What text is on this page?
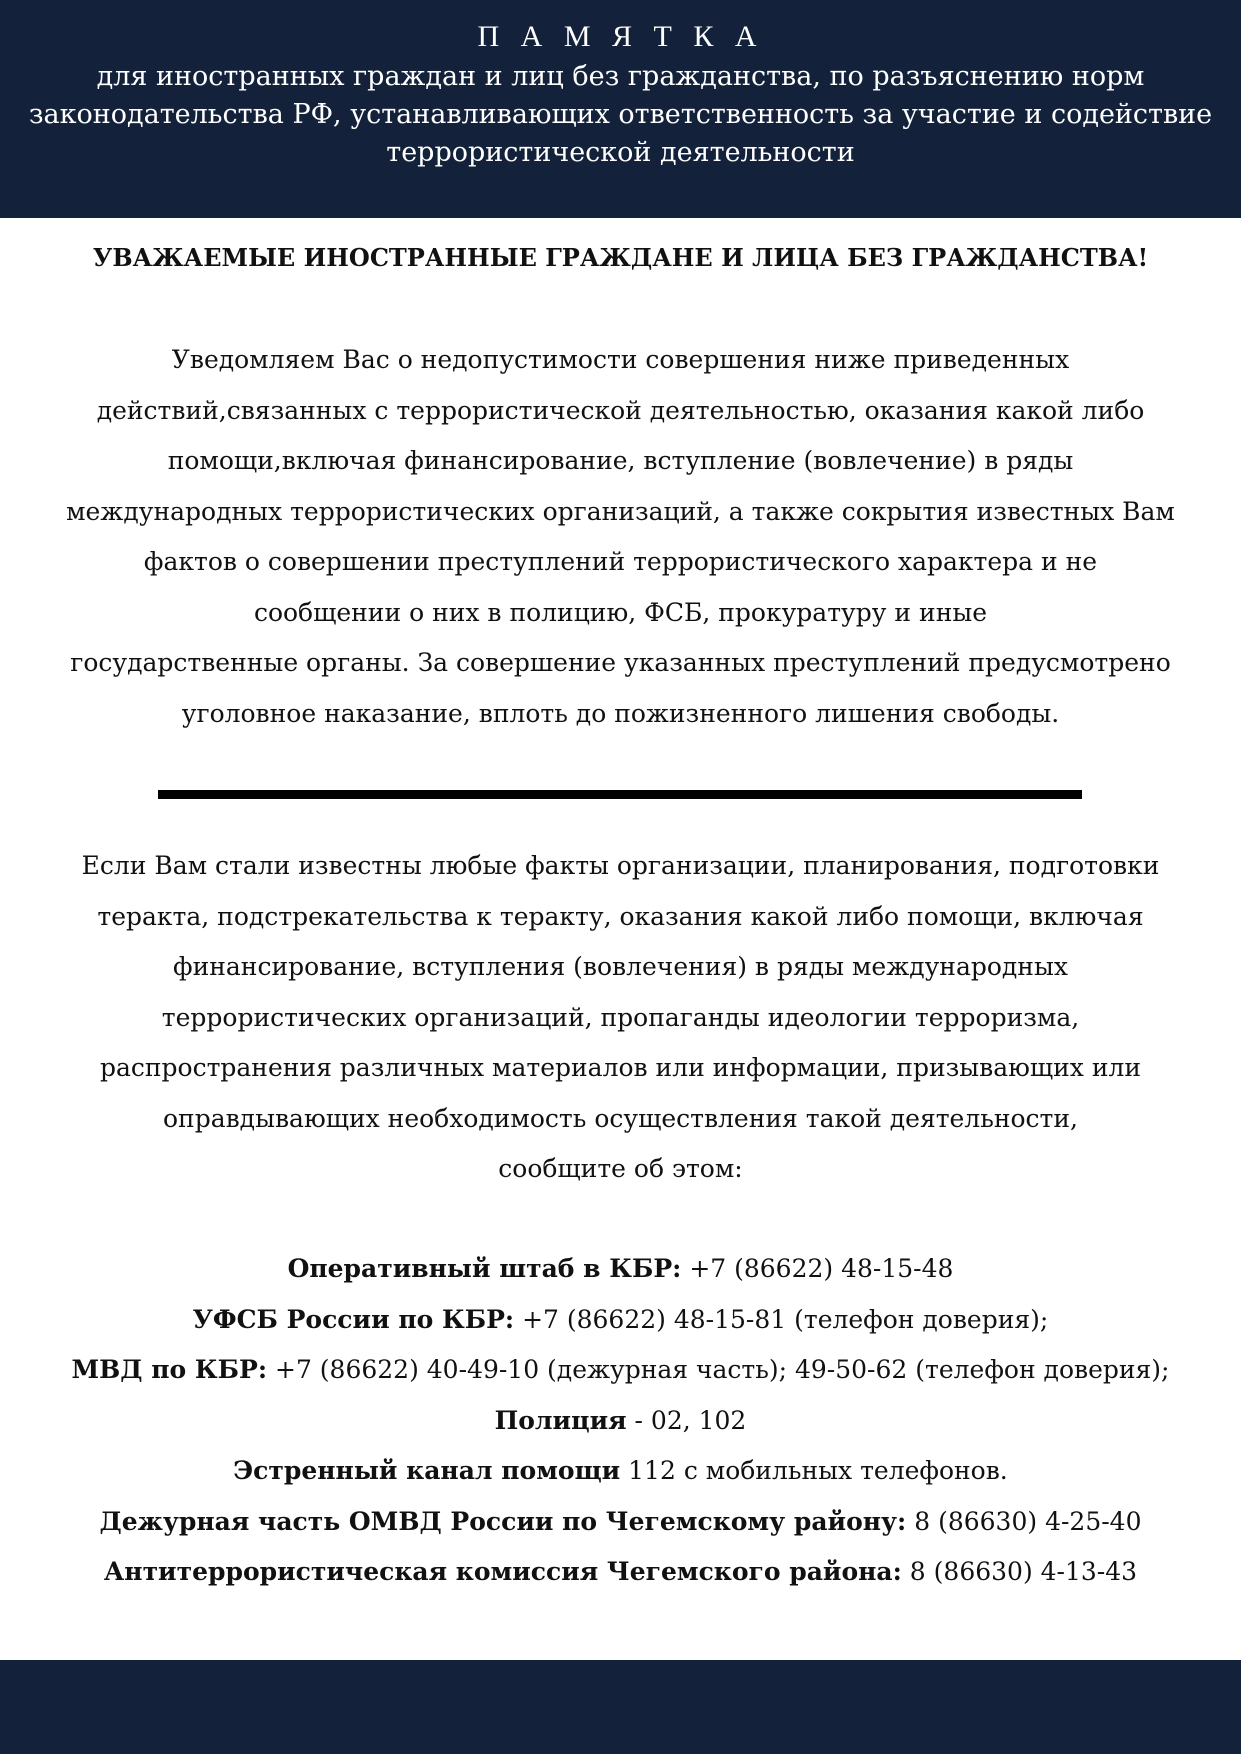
П А М Я Т К А
для иностранных граждан и лиц без гражданства, по разъяснению норм
законодательства РФ, устанавливающих ответственность за участие и содействие
террористической деятельности
УВАЖАЕМЫЕ ИНОСТРАННЫЕ ГРАЖДАНЕ И ЛИЦА БЕЗ ГРАЖДАНСТВА!
Уведомляем Вас о недопустимости совершения ниже приведенных
действий,связанных с террористической деятельностью, оказания какой либо
помощи,включая финансирование, вступление (вовлечение) в ряды
международных террористических организаций, а также сокрытия известных Вам
фактов о совершении преступлений террористического характера и не
сообщении о них в полицию, ФСБ, прокуратуру и иные
государственные органы. За совершение указанных преступлений предусмотрено
уголовное наказание, вплоть до пожизненного лишения свободы.
Если Вам стали известны любые факты организации, планирования, подготовки
теракта, подстрекательства к теракту, оказания какой либо помощи, включая
финансирование, вступления (вовлечения) в ряды международных
террористических организаций, пропаганды идеологии терроризма,
распространения различных материалов или информации, призывающих или
оправдывающих необходимость осуществления такой деятельности,
сообщите об этом:
Оперативный штаб в КБР: +7 (86622) 48-15-48
УФСБ России по КБР: +7 (86622) 48-15-81 (телефон доверия);
МВД по КБР: +7 (86622) 40-49-10 (дежурная часть); 49-50-62 (телефон доверия);
Полиция - 02, 102
Эстренный канал помощи 112 с мобильных телефонов.
Дежурная часть ОМВД России по Чегемскому району: 8 (86630) 4-25-40
Антитеррористическая комиссия Чегемского района: 8 (86630) 4-13-43
